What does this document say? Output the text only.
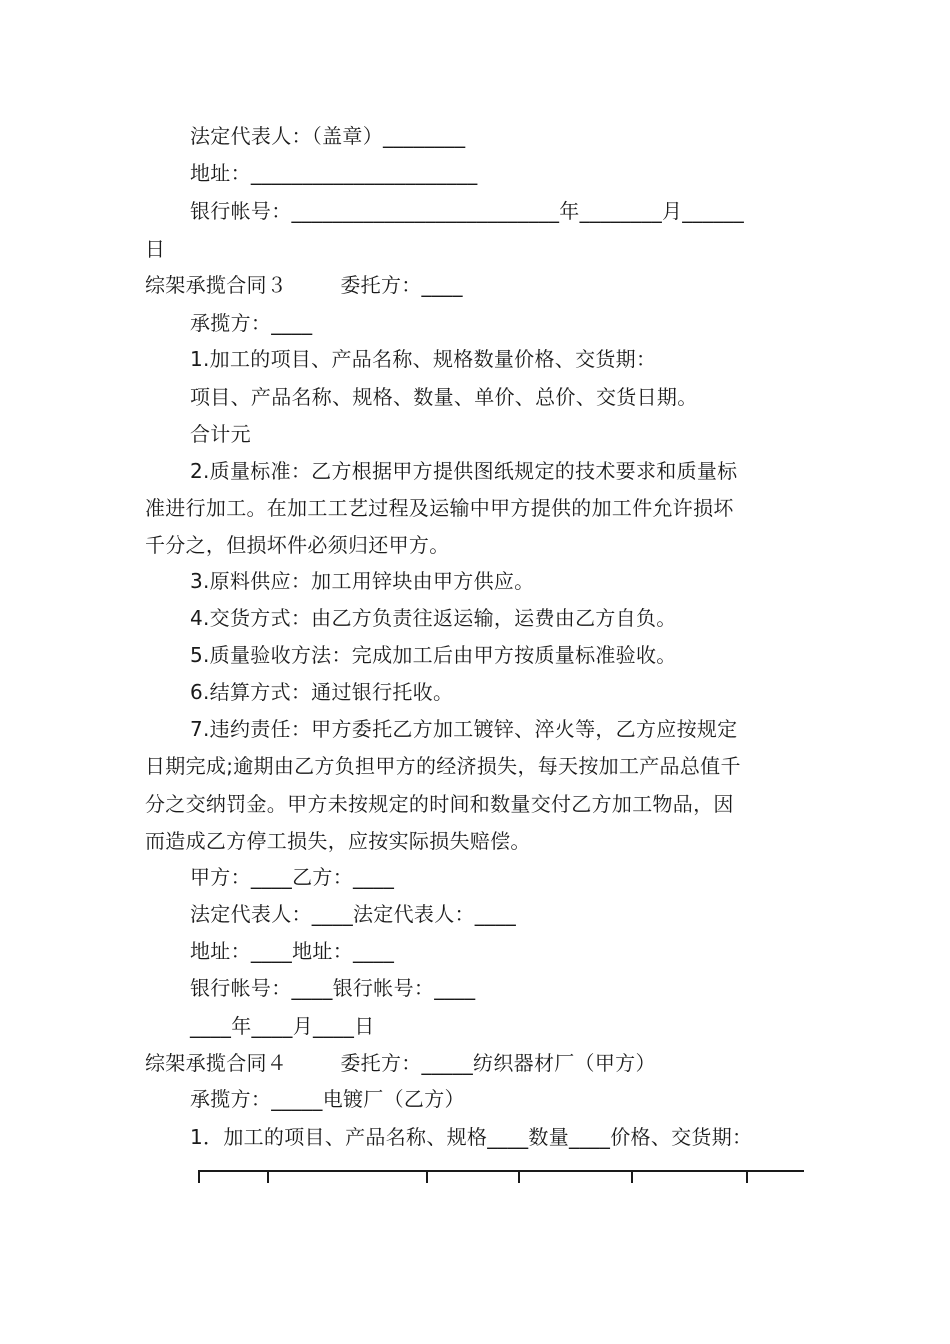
法定代表人：（盖章）________
地址：______________________
银行帐号：__________________________年________月______
日
综架承揽合同３        委托方：____
承揽方：____
1.加工的项目、产品名称、规格数量价格、交货期：
项目、产品名称、规格、数量、单价、总价、交货日期。
合计元
2.质量标准：乙方根据甲方提供图纸规定的技术要求和质量标
准进行加工。在加工工艺过程及运输中甲方提供的加工件允许损坏
千分之，但损坏件必须归还甲方。
3.原料供应：加工用锌块由甲方供应。
4.交货方式：由乙方负责往返运输，运费由乙方自负。
5.质量验收方法：完成加工后由甲方按质量标准验收。
6.结算方式：通过银行托收。
7.违约责任：甲方委托乙方加工镀锌、淬火等，乙方应按规定
日期完成;逾期由乙方负担甲方的经济损失，每天按加工产品总值千
分之交纳罚金。甲方未按规定的时间和数量交付乙方加工物品，因
而造成乙方停工损失，应按实际损失赔偿。
甲方：____乙方：____
法定代表人：____法定代表人：____
地址：____地址：____
银行帐号：____银行帐号：____
____年____月____日
综架承揽合同４        委托方：_____纺织器材厂（甲方）
承揽方：_____电镀厂（乙方）
1．加工的项目、产品名称、规格____数量____价格、交货期：
